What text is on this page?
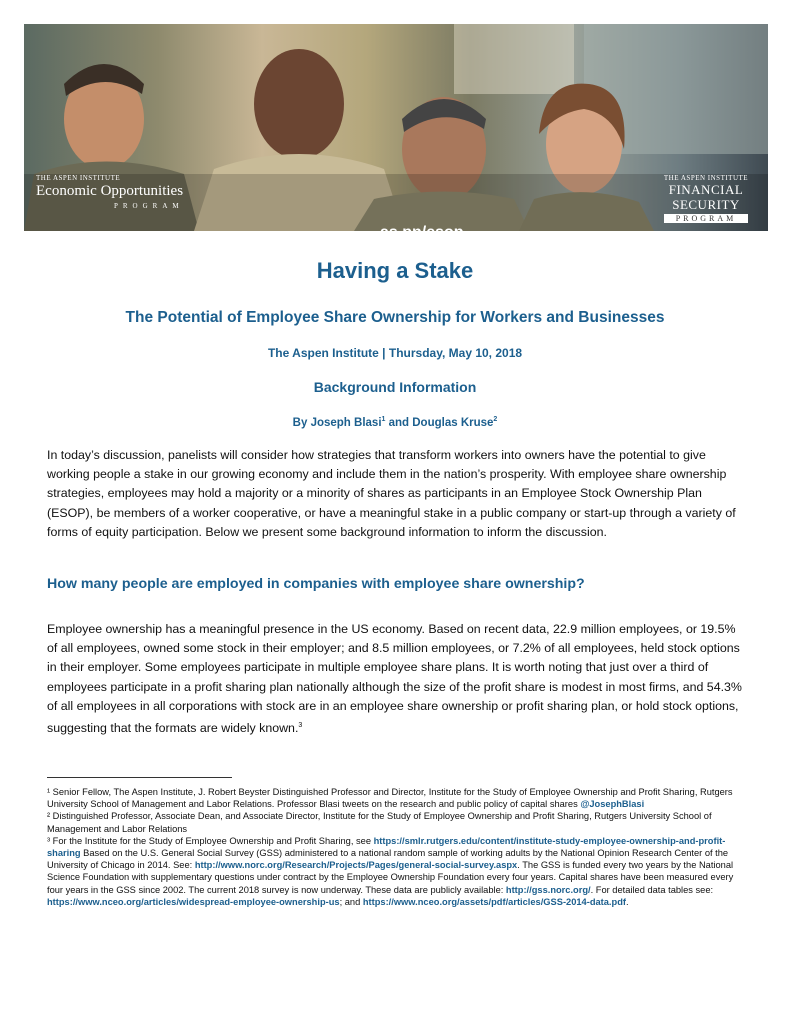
THE ASPEN INSTITUTE
Economic Opportunities
PROGRAM
as.pn/esop
THE ASPEN INSTITUTE
FINANCIAL
SECURITY
PROGRAM
Having a Stake
The Potential of Employee Share Ownership for Workers and Businesses
The Aspen Institute | Thursday, May 10, 2018
Background Information
By Joseph Blasi$^1$ and Douglas Kruse$^2$
In today’s discussion, panelists will consider how strategies that transform workers into owners have the potential to give working people a stake in our growing economy and include them in the nation’s prosperity. With employee share ownership strategies, employees may hold a majority or a minority of shares as participants in an Employee Stock Ownership Plan (ESOP), be members of a worker cooperative, or have a meaningful stake in a public company or start-up through a variety of forms of equity participation. Below we present some background information to inform the discussion.
How many people are employed in companies with employee share ownership?
Employee ownership has a meaningful presence in the US economy. Based on recent data, 22.9 million employees, or 19.5% of all employees, owned some stock in their employer; and 8.5 million employees, or 7.2% of all employees, held stock options in their employer. Some employees participate in multiple employee share plans. It is worth noting that just over a third of employees participate in a profit sharing plan nationally although the size of the profit share is modest in most firms, and 54.3% of all employees in all corporations with stock are in an employee share ownership or profit sharing plan, or hold stock options, suggesting that the formats are widely known.$^3$

¹ Senior Fellow, The Aspen Institute, J. Robert Beyster Distinguished Professor and Director, Institute for the Study of Employee Ownership and Profit Sharing, Rutgers University School of Management and Labor Relations. Professor Blasi tweets on the research and public policy of capital shares @JosephBlasi

² Distinguished Professor, Associate Dean, and Associate Director, Institute for the Study of Employee Ownership and Profit Sharing, Rutgers University School of Management and Labor Relations

³ For the Institute for the Study of Employee Ownership and Profit Sharing, see https://smlr.rutgers.edu/content/institute-study-employee-ownership-and-profit-sharing Based on the U.S. General Social Survey (GSS) administered to a national random sample of working adults by the National Opinion Research Center of the University of Chicago in 2014. See: http://www.norc.org/Research/Projects/Pages/general-social-survey.aspx. The GSS is funded every two years by the National Science Foundation with supplementary questions under contract by the Employee Ownership Foundation every four years. Capital shares have been measured every four years in the GSS since 2002. The current 2018 survey is now underway. These data are publicly available: http://gss.norc.org/. For detailed data tables see: https://www.nceo.org/articles/widespread-employee-ownership-us; and https://www.nceo.org/assets/pdf/articles/GSS-2014-data.pdf.
